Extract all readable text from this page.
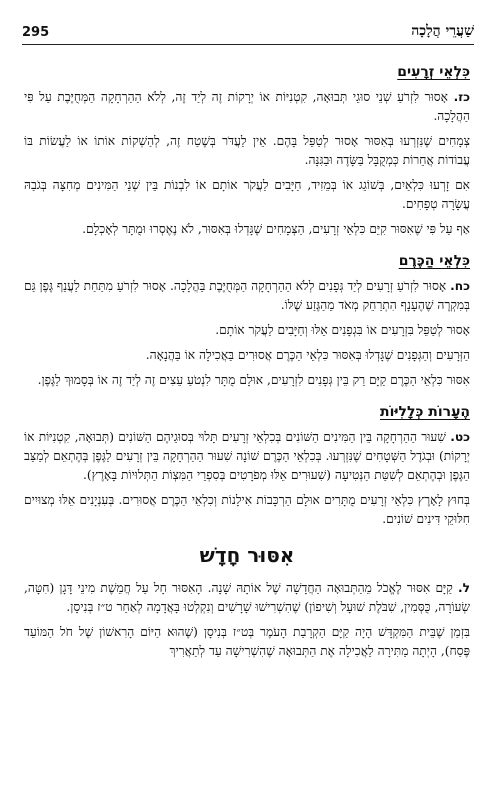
295	שַׁעֲרֵי הֲלָכָה
כִּלְאֵי זְרָעִים

כז. אָסוּר לִזְרֹעַ שְׁנֵי סוּגֵי תְּבוּאָה, קִטְנִיּוֹת אוֹ יְרָקוֹת זֶה לְיַד זֶה, לְלֹא הַהַרְחָקָה הַמְּחֻיֶּבֶת עַל פִּי הַהֲלָכָה.

צְמָחִים שֶׁנִּזְרְעוּ בְּאִסּוּר אָסוּר לְטַפֵּל בָּהֶם. אֵין לַעֲדֹּר בְּשֶׁטַח זֶה, לְהַשְׁקוֹת אוֹתוֹ אוֹ לַעֲשׂוֹת בּוֹ עֲבוֹדוֹת אֲחֵרוֹת כְּמְקֻבָּל בַּשָּׂדֶה וּבַגִּנָּה.

אִם זָרְעוּ כִּלְאַיִם, בְּשׁוֹגֵג אוֹ בְּמֵזִיד, חַיָּבִים לַעֲקֹר אוֹתָם אוֹ לִבְנוֹת בֵּין שְׁנֵי הַמִּינִים מְחִצָּה בְּגֹבַהּ עֲשָׂרָה טְפָחִים.

אַף עַל פִּי שֶׁאִסּוּר קִיֵּם כִּלְאֵי זְרָעִים, הַצְּמָחִים שֶׁגָּדְלוּ בְּאִסּוּר, לֹא נֶאֶסְרוּ וּמֻתָּר לְאָכְלָם.

כִּלְאֵי הַכֶּרֶם

כח. אָסוּר לִזְרֹעַ זְרָעִים לְיַד גְּפָנִים לְלֹא הַהַרְחָקָה הַמְּחֻיֶּבֶת בַּהֲלָכָה. אָסוּר לִזְרֹעַ מִתַּחַת לַעֲנַף גֶּפֶן גַּם בְּמִקְרֶה שֶׁהֶעָנָף הִתְרַחֵק מְאֹד מֵהַגֶּזַע שֶׁלּוֹ.

אָסוּר לְטַפֵּל בִּזְרָעִים אוֹ בִּגְפָנִים אֵלּוּ וְחַיָּבִים לַעֲקֹר אוֹתָם.

הַזְּרָעִים וְהַגְּפָנִים שֶׁגָּדְלוּ בְּאִסּוּר כִּלְאֵי הַכֶּרֶם אֲסוּרִים בַּאֲכִילָה אוֹ בַּהֲנָאָה.

אִסּוּר כִּלְאֵי הַכֶּרֶם קַיָּם רַק בֵּין גְּפָנִים לִזְרָעִים, אוּלָם מֻתָּר לִנְטֹעַ עֵצִים זֶה לְיַד זֶה אוֹ בְּסָמוּךְ לַגֶּפֶן.

הֶעָרוֹת כְּלָלִיּוֹת

כט. שִׁעוּר הַהַרְחָקָה בֵּין הַמִּינִים הַשּׁוֹנִים בְּכִלְאֵי זְרָעִים תָּלוּי בְּסוּגֵיהֶם הַשּׁוֹנִים (תְּבוּאָה, קִטְנִיּוֹת אוֹ יְרָקוֹת) וּבְגֹדֶל הַשְּׁטָחִים שֶׁנִּזְרְעוּ. בְּכִלְאֵי הַכֶּרֶם שׁוֹנָה שִׁעוּר הַהַרְחָקָה בֵּין זְרָעִים לַגֶּפֶן בְּהֶתְאֵם לְמַצַּב הַגֶּפֶן וּבְהֶתְאֵם לְשִׁטַּת הַנְּטִיעָה (שִׁעוּרִים אֵלּוּ מְפֹרָטִים בְּסִפְרֵי הַמִּצְוֹת הַתְּלוּיוֹת בָּאָרֶץ).

בְּחוּץ לָאָרֶץ כִּלְאֵי זְרָעִים מֻתָּרִים אוּלָם הַרְכָּבוֹת אִילָנוֹת וְכִלְאֵי הַכֶּרֶם אֲסוּרִים. בְּעִנְיָנִים אֵלּוּ מְצוּיִים חִלּוּקֵי דִּינִים שׁוֹנִים.

אִסּוּר חָדָשׁ

ל. קַיָּם אִסּוּר לֶאֱכֹל מֵהַתְּבוּאָה הַחֲדָשָׁה שֶׁל אוֹתָהּ שָׁנָה. הָאִסּוּר חָל עַל חֲמֵשֶׁת מִינֵי דָּגָן (חִטָּה, שְׂעוֹרָה, כֻּסְּמִין, שִׁבֹּלֶת שׁוּעָל וְשִׁיפוֹן) שֶׁהִשְׁרִישׁוּ שָׁרָשִׁים וְנִקְלְטוּ בָּאֲדָמָה לְאַחַר ט״ז בְּנִיסָן.

בִּזְמַן שֶׁבֵּית הַמִּקְדָּשׁ הָיָה קַיָּם הַקְרָבַת הָעֹמֶר בְּט״ז בְּנִיסָן (שֶׁהוּא הַיּוֹם הָרִאשׁוֹן שֶׁל חֹל הַמּוֹעֵד פֶּסַח), הָיְתָה מַתִּירָה לַאֲכִילָה אֶת הַתְּבוּאָה שֶׁהִשְׁרִישָׁה עַד לְתַאֲרִיךְ
